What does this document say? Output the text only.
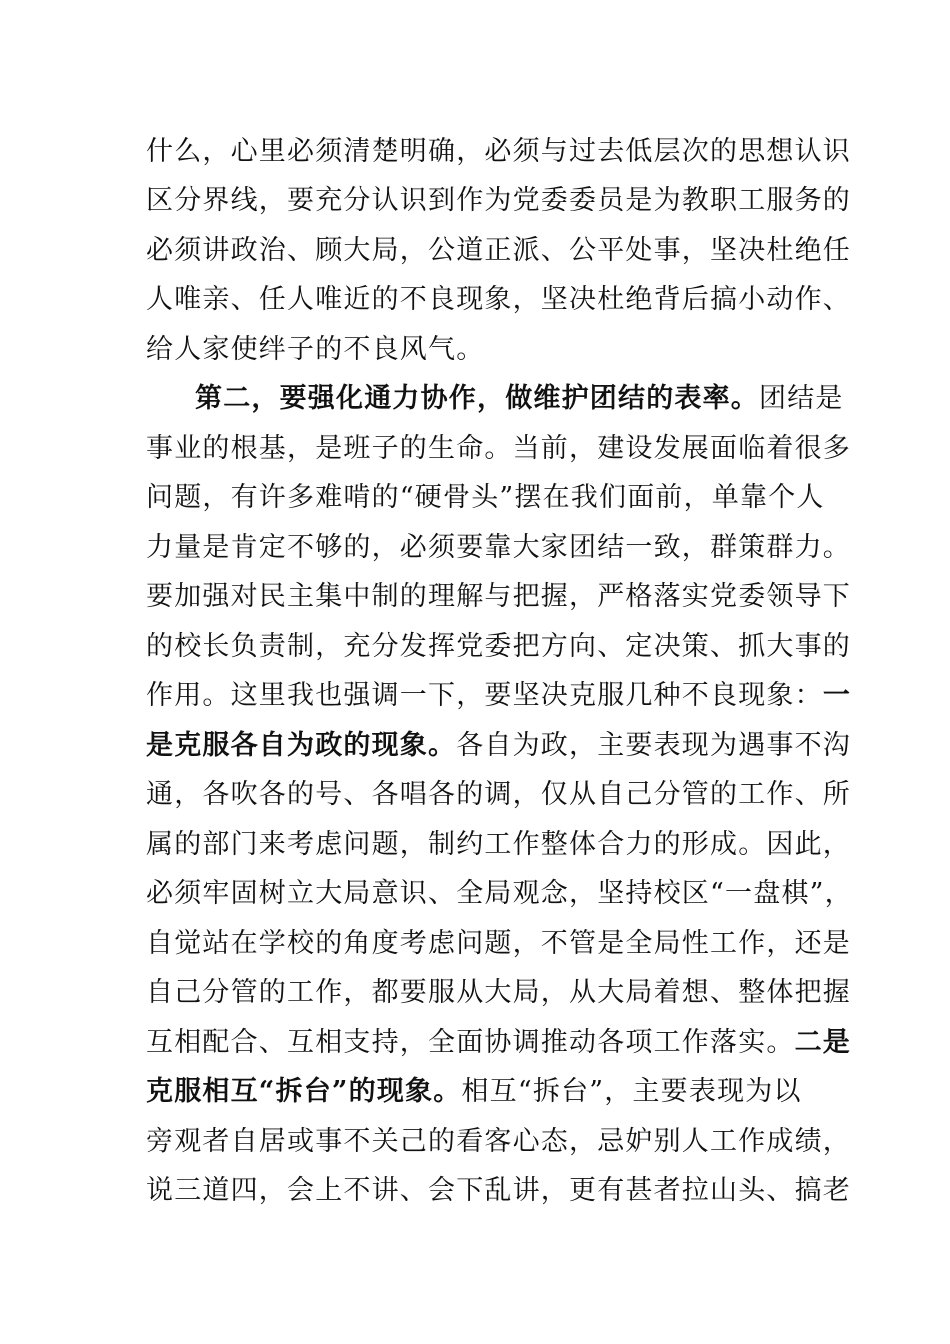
什么，心里必须清楚明确，必须与过去低层次的思想认识
区分界线，要充分认识到作为党委委员是为教职工服务的
必须讲政治、顾大局，公道正派、公平处事，坚决杜绝任
人唯亲、任人唯近的不良现象，坚决杜绝背后搞小动作、
给人家使绊子的不良风气。
第二，要强化通力协作，做维护团结的表率。团结是
事业的根基，是班子的生命。当前，建设发展面临着很多
问题，有许多难啃的“硬骨头”摆在我们面前，单靠个人
力量是肯定不够的，必须要靠大家团结一致，群策群力。
要加强对民主集中制的理解与把握，严格落实党委领导下
的校长负责制，充分发挥党委把方向、定决策、抓大事的
作用。这里我也强调一下，要坚决克服几种不良现象：一
是克服各自为政的现象。各自为政，主要表现为遇事不沟
通，各吹各的号、各唱各的调，仅从自己分管的工作、所
属的部门来考虑问题，制约工作整体合力的形成。因此，
必须牢固树立大局意识、全局观念，坚持校区“一盘棋”，
自觉站在学校的角度考虑问题，不管是全局性工作，还是
自己分管的工作，都要服从大局，从大局着想、整体把握
互相配合、互相支持，全面协调推动各项工作落实。二是
克服相互“拆台”的现象。相互“拆台”，主要表现为以
旁观者自居或事不关己的看客心态，忌妒别人工作成绩，
说三道四，会上不讲、会下乱讲，更有甚者拉山头、搞老
